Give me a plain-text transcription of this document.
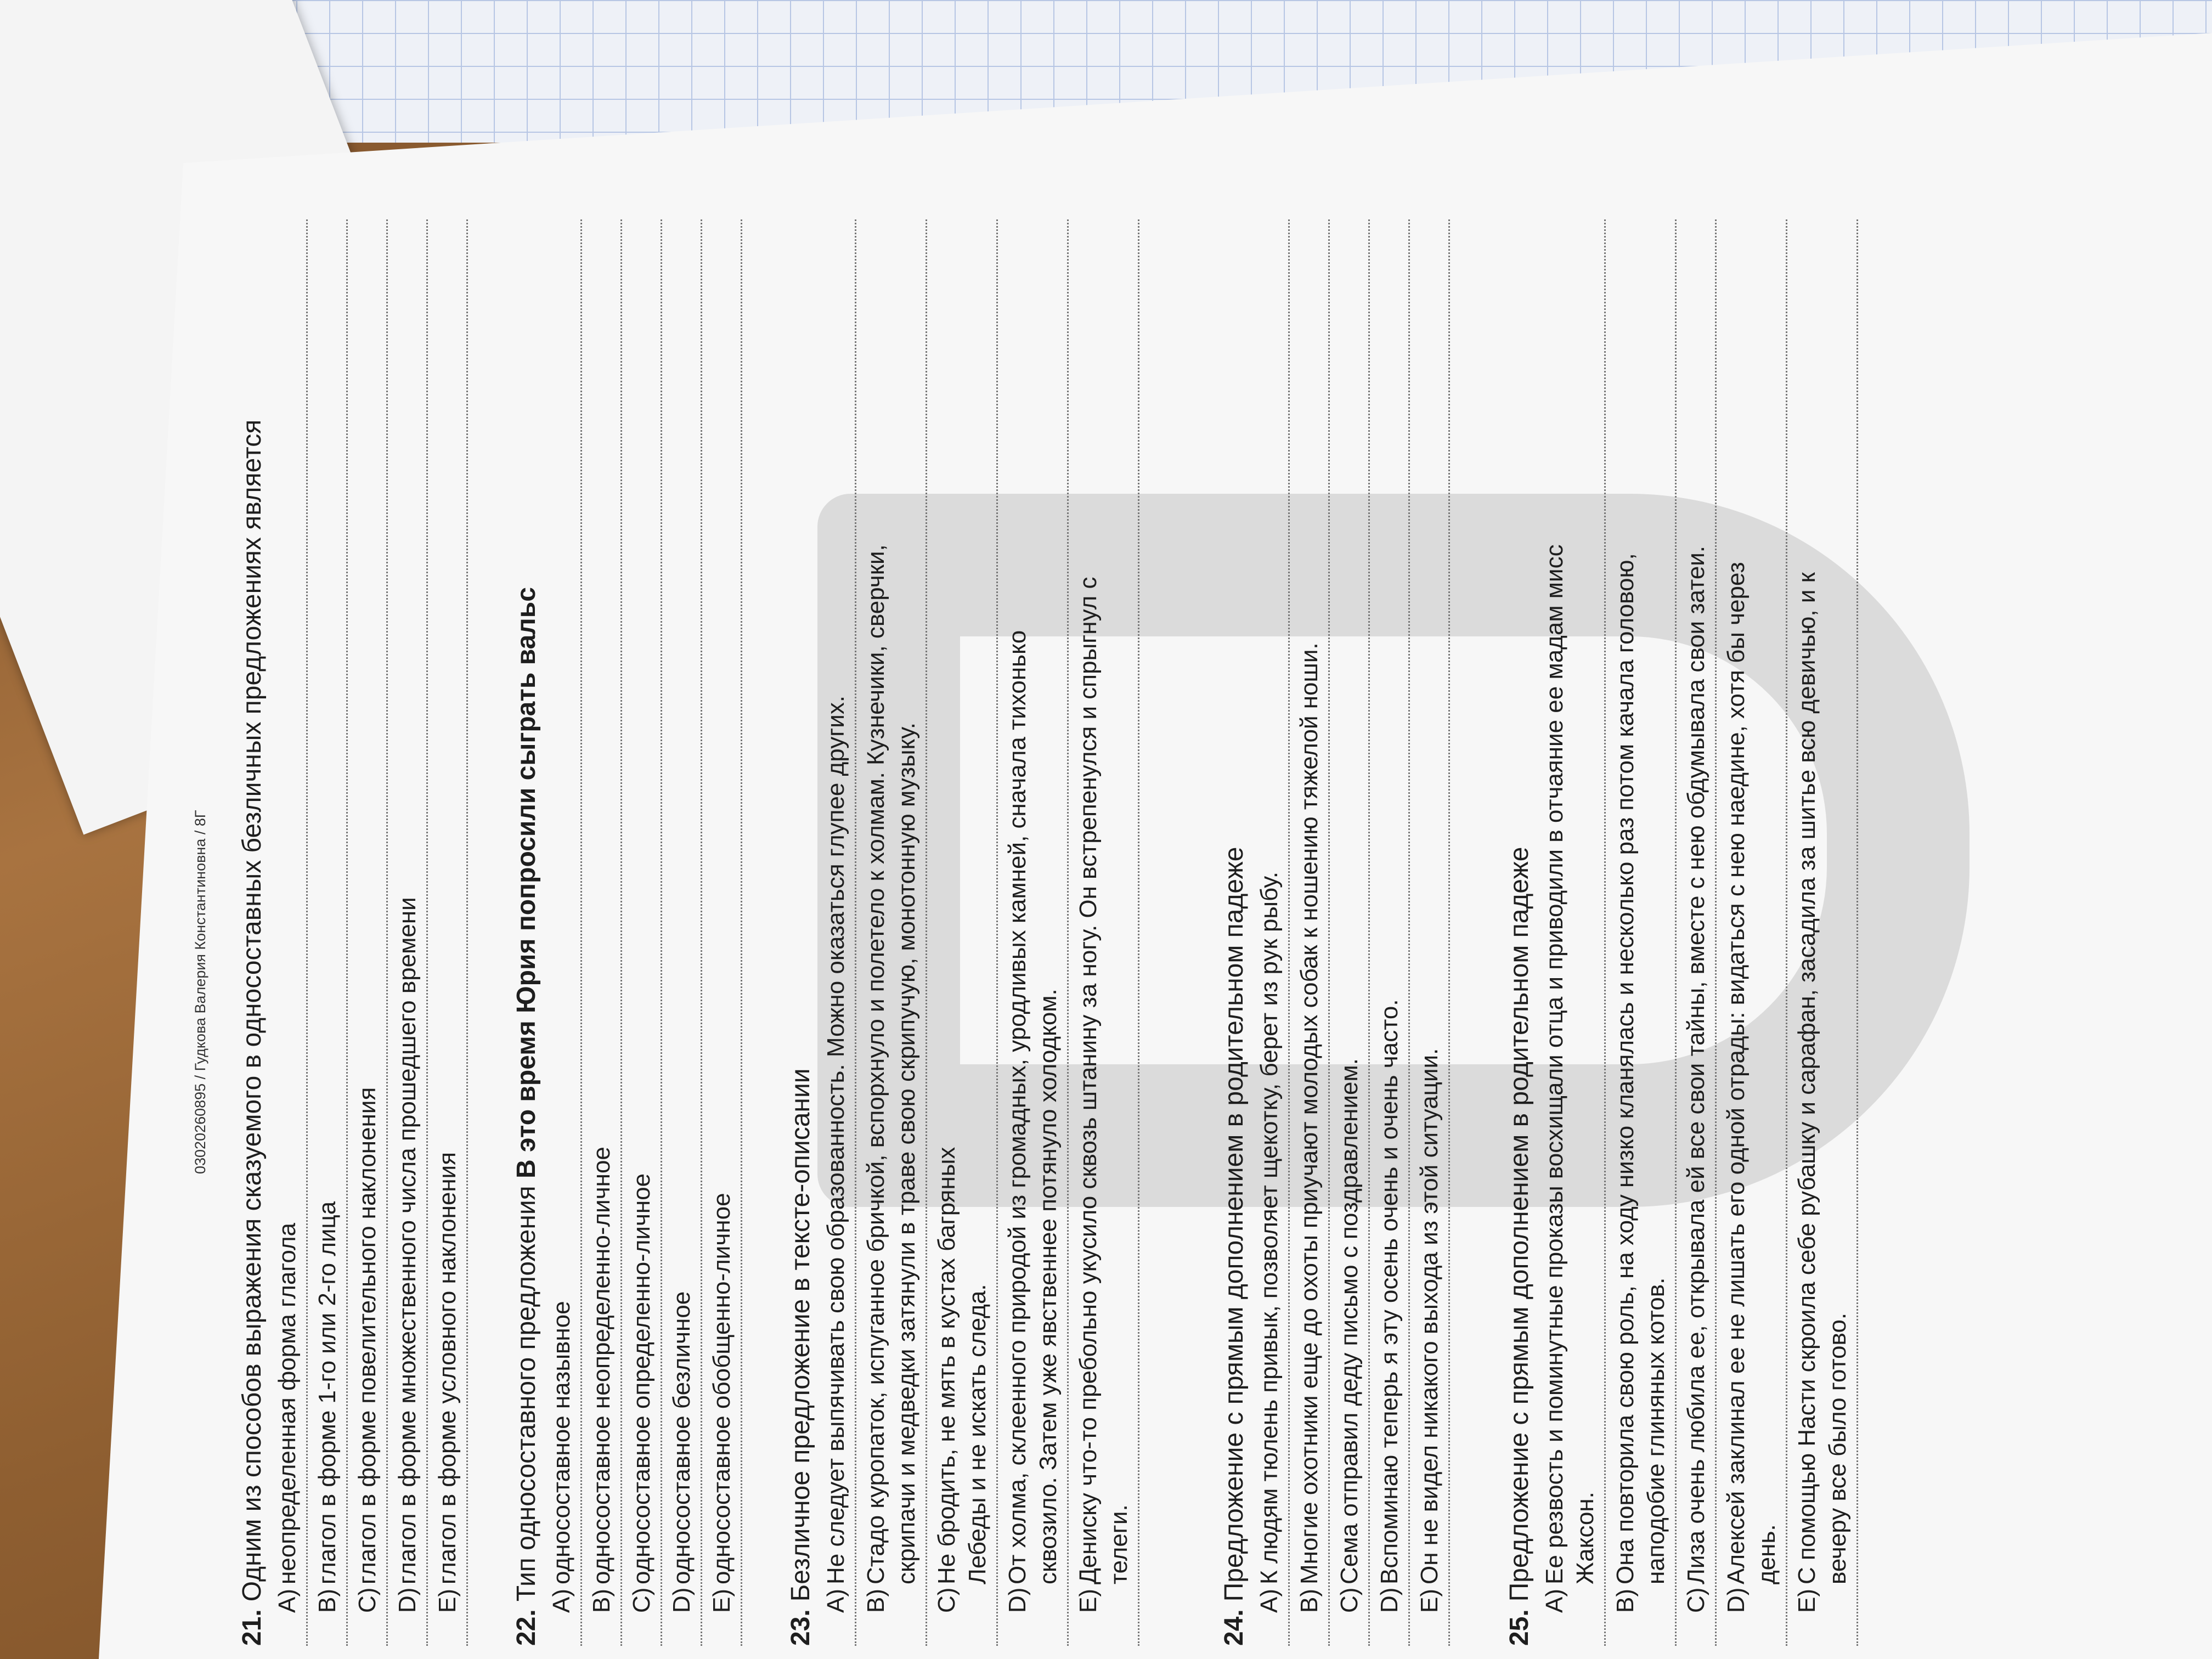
03020260895 / Гудкова Валерия Константиновна / 8Г
21.Одним из способов выражения сказуемого в односоставных безличных предложениях является A)неопределенная форма глагола
B)глагол в форме 1-го или 2-го лица
C)глагол в форме повелительного наклонения
D)глагол в форме множественного числа прошедшего времени
E)глагол в форме условного наклонения
22.Тип односоставного предложения В это время Юрия попросили сыграть вальс
A)односоставное назывное
B)односоставное неопределенно-личное
C)односоставное определенно-личное
D)односоставное безличное
E)односоставное обобщенно-личное
23.Безличное предложение в тексте-описании A)Не следует выпячивать свою образованность. Можно оказаться глупее других.
B)Стадо куропаток, испуганное бричкой, вспорхнуло и полетело к холмам. Кузнечики, сверчки, скрипачи и медведки затянули в траве свою скрипучую, монотонную музыку.
C)Не бродить, не мять в кустах багряных Лебеды и не искать следа.
D)От холма, склеенного природой из громадных, уродливых камней, сначала тихонько сквозило. Затем уже явственнее потянуло холодком.
E)Дениску что-то пребольно укусило сквозь штанину за ногу. Он встрепенулся и спрыгнул с телеги.
24.Предложение с прямым дополнением в родительном падеже A)К людям тюлень привык, позволяет щекотку, берет из рук рыбу.
B)Многие охотники еще до охоты приучают молодых собак к ношению тяжелой ноши.
C)Сема отправил деду письмо с поздравлением.
D)Вспоминаю теперь я эту осень очень и очень часто.
E)Он не видел никакого выхода из этой ситуации.
25.Предложение с прямым дополнением в родительном падеже A)Ее резвость и поминутные проказы восхищали отца и приводили в отчаяние ее мадам мисс Жаксон.
B)Она повторила свою роль, на ходу низко кланялась и несколько раз потом качала головою, наподобие глиняных котов.
C)Лиза очень любила ее, открывала ей все свои тайны, вместе с нею обдумывала свои затеи.
D)Алексей заклинал ее не лишать его одной отрады: видаться с нею наедине, хотя бы через день.
E)С помощью Насти скроила себе рубашку и сарафан, засадила за шитье всю девичью, и к вечеру все было готово.
